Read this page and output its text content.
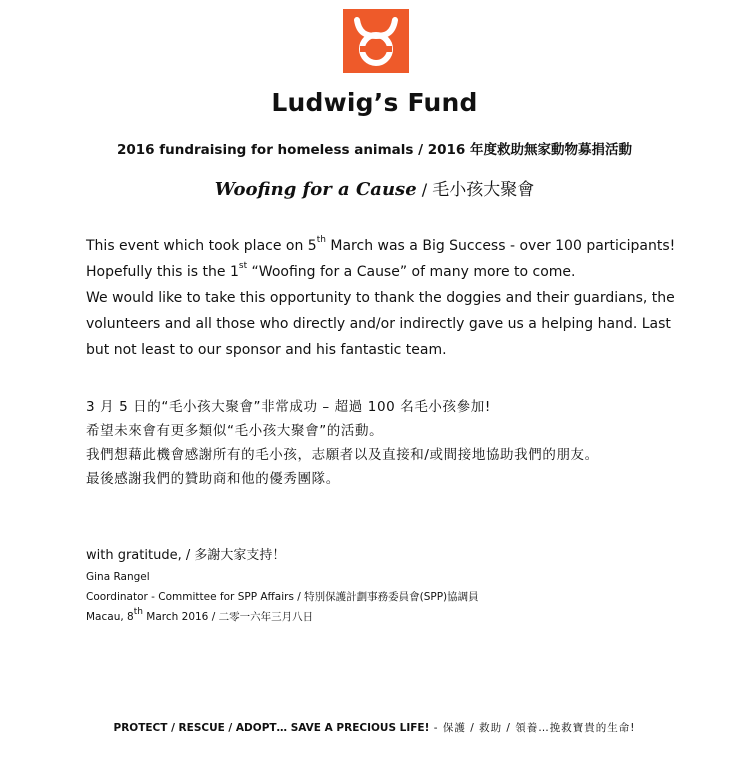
Ludwig’s Fund
2016 fundraising for homeless animals / 2016 年度救助無家動物募捐活動
Woofing for a Cause / 毛小孩大聚會

This event which took place on 5th March was a Big Success - over 100 participants!

Hopefully this is the 1st “Woofing for a Cause” of many more to come.

We would like to take this opportunity to thank the doggies and their guardians, the

volunteers and all those who directly and/or indirectly gave us a helping hand. Last

but not least to our sponsor and his fantastic team.

3 月 5 日的“毛小孩大聚會”非常成功 – 超過 100 名毛小孩參加!

希望未來會有更多類似“毛小孩大聚會”的活動。

我們想藉此機會感謝所有的毛小孩，志願者以及直接和/或間接地協助我們的朋友。

最後感謝我們的贊助商和他的優秀團隊。

with gratitude, / 多謝大家支持！
Gina Rangel
Coordinator - Committee for SPP Affairs / 特別保護計劃事務委員會(SPP)協調員
Macau, 8th March 2016 / 二零一六年三月八日
PROTECT / RESCUE / ADOPT… SAVE A PRECIOUS LIFE! - 保護 / 救助 / 領養…挽救寶貴的生命!
